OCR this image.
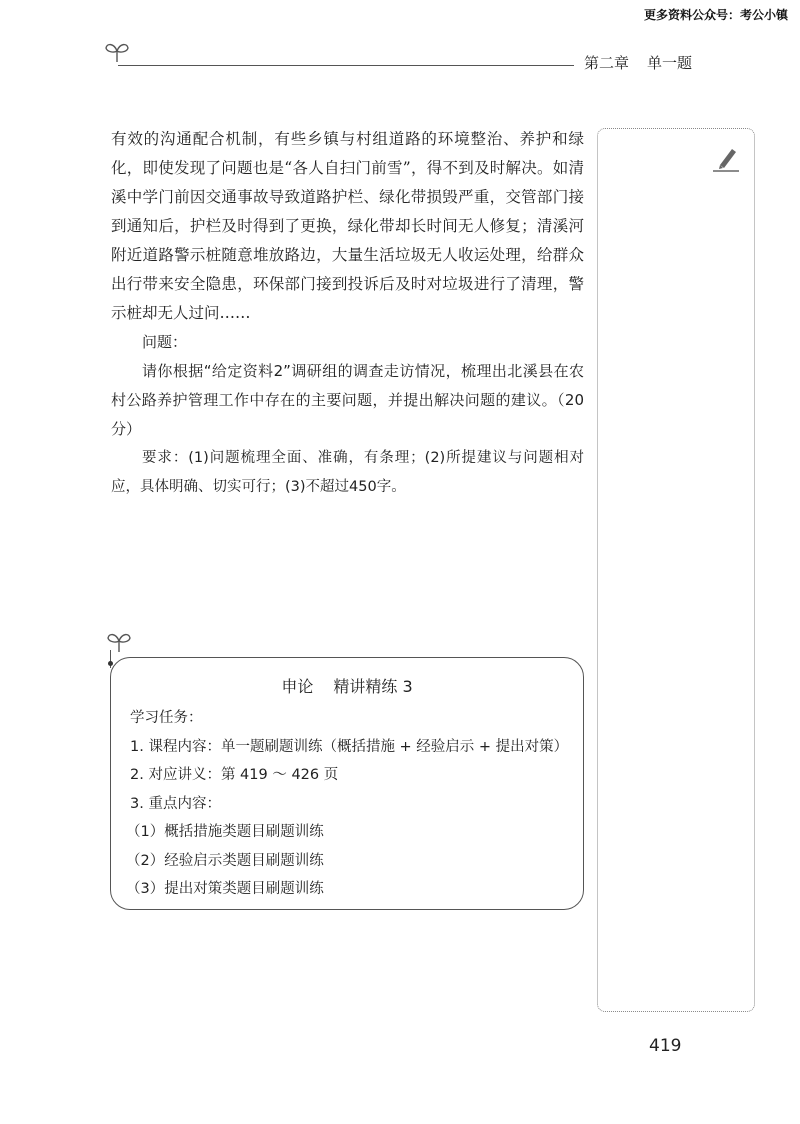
更多资料公众号：考公小镇
第二章 单一题

有效的沟通配合机制，有些乡镇与村组道路的环境整治、养护和绿化，即使发现了问题也是“各人自扫门前雪”，得不到及时解决。如清溪中学门前因交通事故导致道路护栏、绿化带损毁严重，交管部门接到通知后，护栏及时得到了更换，绿化带却长时间无人修复；清溪河附近道路警示桩随意堆放路边，大量生活垃圾无人收运处理，给群众出行带来安全隐患，环保部门接到投诉后及时对垃圾进行了清理，警示桩却无人过问……

问题：

请你根据“给定资料2”调研组的调查走访情况，梳理出北溪县在农村公路养护管理工作中存在的主要问题，并提出解决问题的建议。（20分）

要求：(1)问题梳理全面、准确，有条理；(2)所提建议与问题相对应，具体明确、切实可行；(3)不超过450字。

申论 精讲精练 3
学习任务：
1. 课程内容：单一题刷题训练（概括措施 + 经验启示 + 提出对策）
2. 对应讲义：第 419 ～ 426 页
3. 重点内容：
（1）概括措施类题目刷题训练
（2）经验启示类题目刷题训练
（3）提出对策类题目刷题训练
419
